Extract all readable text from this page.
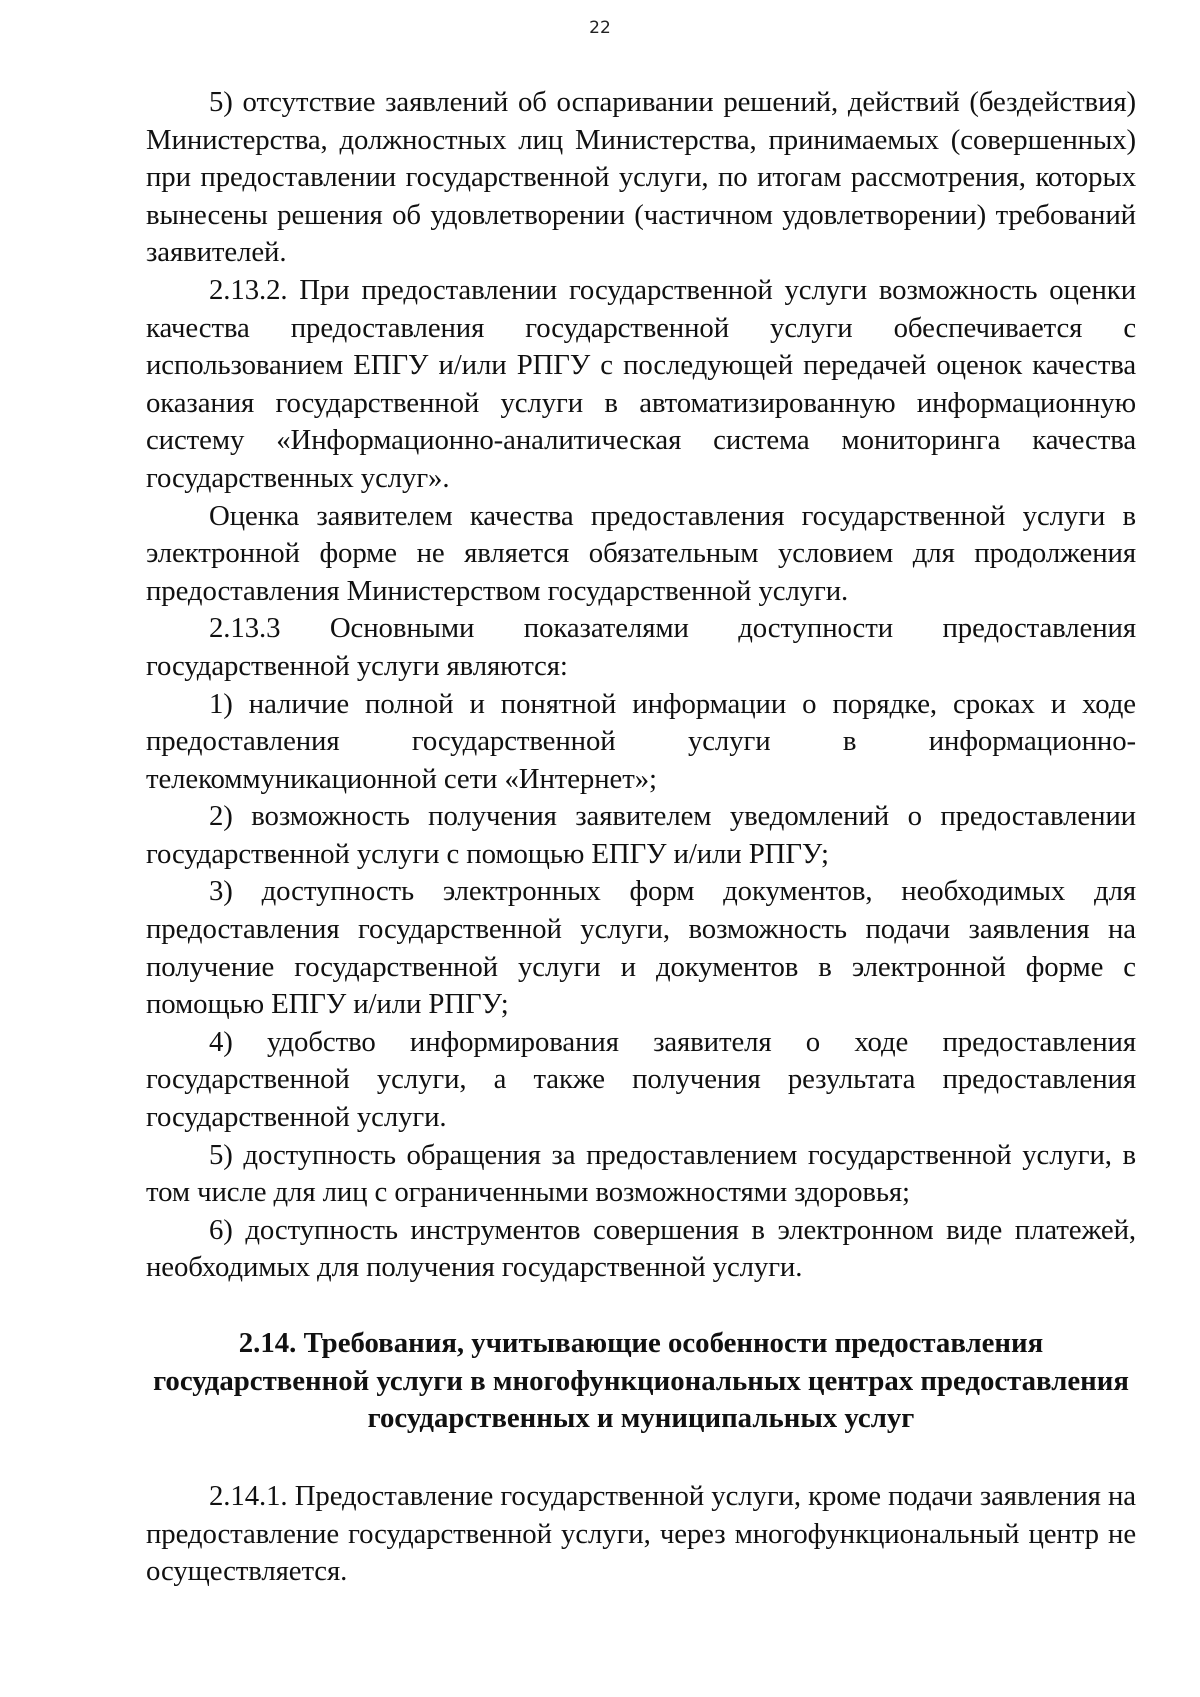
22

5) отсутствие заявлений об оспаривании решений, действий (бездействия) Министерства, должностных лиц Министерства, принимаемых (совершенных) при предоставлении государственной услуги, по итогам рассмотрения, которых вынесены решения об удовлетворении (частичном удовлетворении) требований заявителей.

2.13.2. При предоставлении государственной услуги возможность оценки качества предоставления государственной услуги обеспечивается с использованием ЕПГУ и/или РПГУ с последующей передачей оценок качества оказания государственной услуги в автоматизированную информационную систему «Информационно-аналитическая система мониторинга качества государственных услуг».

Оценка заявителем качества предоставления государственной услуги в электронной форме не является обязательным условием для продолжения предоставления Министерством государственной услуги.

2.13.3 Основными показателями доступности предоставления государственной услуги являются:

1) наличие полной и понятной информации о порядке, сроках и ходе предоставления государственной услуги в информационно-телекоммуникационной сети «Интернет»;

2) возможность получения заявителем уведомлений о предоставлении государственной услуги с помощью ЕПГУ и/или РПГУ;

3) доступность электронных форм документов, необходимых для предоставления государственной услуги, возможность подачи заявления на получение государственной услуги и документов в электронной форме с помощью ЕПГУ и/или РПГУ;

4) удобство информирования заявителя о ходе предоставления государственной услуги, а также получения результата предоставления государственной услуги.

5) доступность обращения за предоставлением государственной услуги, в том числе для лиц с ограниченными возможностями здоровья;

6) доступность инструментов совершения в электронном виде платежей, необходимых для получения государственной услуги.

2.14. Требования, учитывающие особенности предоставления
государственной услуги в многофункциональных центрах предоставления
государственных и муниципальных услуг

2.14.1. Предоставление государственной услуги, кроме подачи заявления на предоставление государственной услуги, через многофункциональный центр не осуществляется.
